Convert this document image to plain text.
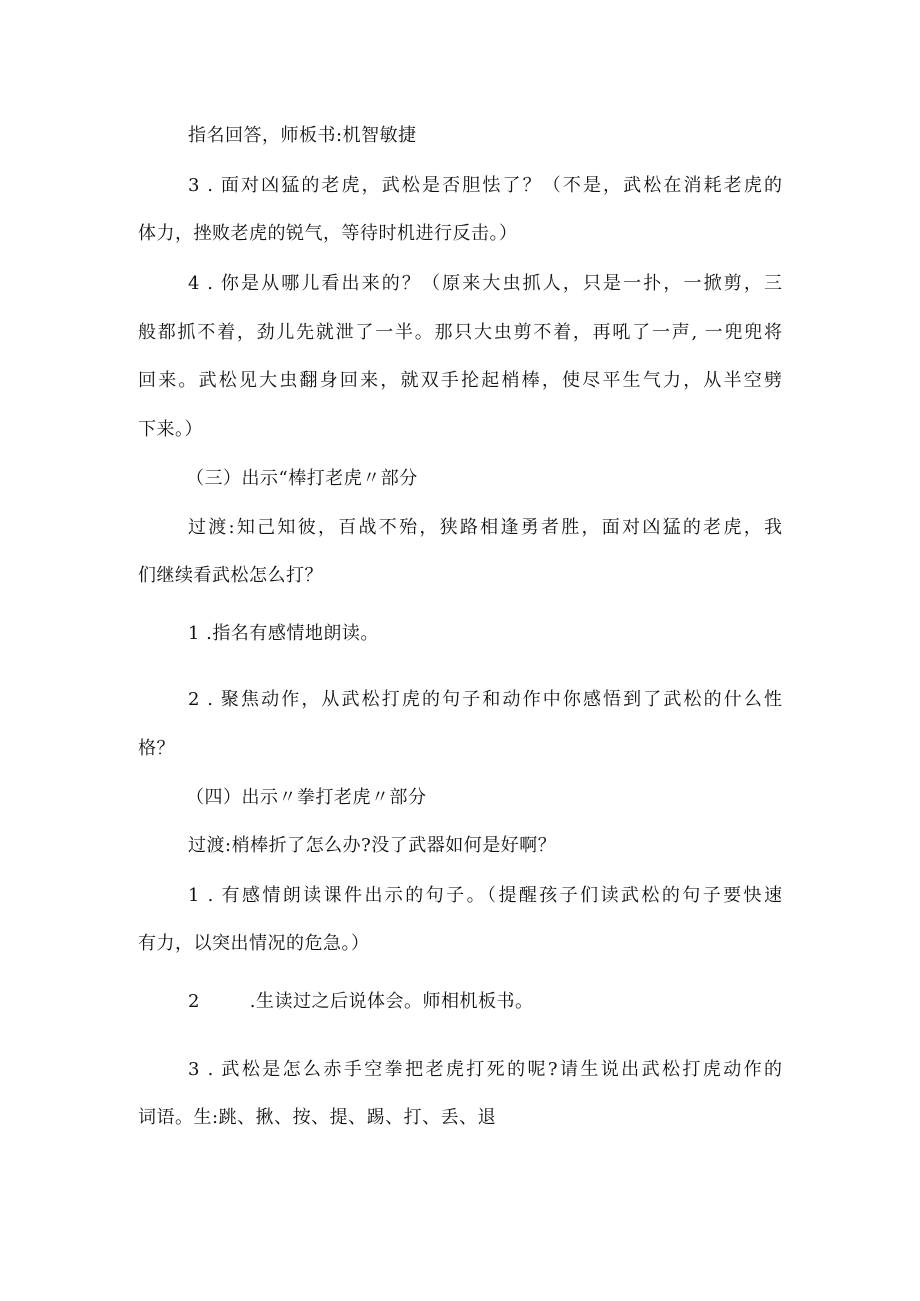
指名回答，师板书:机智敏捷
3 . 面对凶猛的老虎，武松是否胆怯了？（不是，武松在消耗老虎的
体力，挫败老虎的锐气，等待时机进行反击。）
4 . 你是从哪儿看出来的？（原来大虫抓人，只是一扑，一掀剪，三
般都抓不着，劲儿先就泄了一半。那只大虫剪不着，再吼了一声, 一兜兜将
回来。武松见大虫翻身回来，就双手抡起梢棒，使尽平生气力，从半空劈
下来。）
（三）出示“棒打老虎〃部分
过渡:知己知彼，百战不殆，狭路相逢勇者胜，面对凶猛的老虎，我
们继续看武松怎么打？
1 .指名有感情地朗读。
2 . 聚焦动作，从武松打虎的句子和动作中你感悟到了武松的什么性
格？
（四）出示〃拳打老虎〃部分
过渡:梢棒折了怎么办?没了武器如何是好啊？
1 . 有感情朗读课件出示的句子。（提醒孩子们读武松的句子要快速
有力，以突出情况的危急。）
2        .生读过之后说体会。师相机板书。
3 . 武松是怎么赤手空拳把老虎打死的呢?请生说出武松打虎动作的
词语。生:跳、揪、按、提、踢、打、丢、退
